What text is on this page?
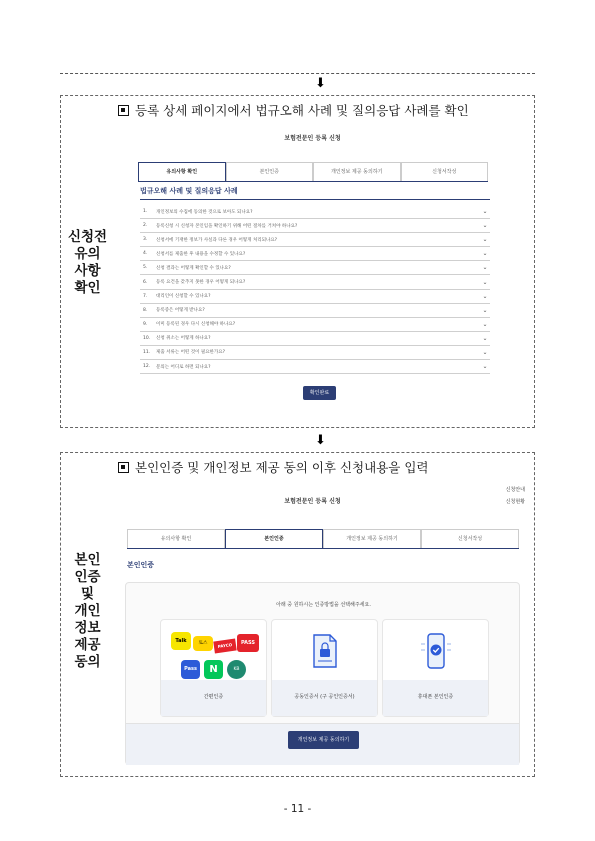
⬇
신청전
유의
사항
확인
등록 상세 페이지에서 법규오해 사례 및 질의응답 사례를 확인
보험전문인 등록 신청
유의사항 확인	본인인증	개인정보 제공 동의하기	신청서작성
법규오해 사례 및 질의응답 사례
1.	개인정보의 수집에 동의한 것으로 보아도 되나요?	⌄
2.	등록신청 시 신청자 본인임을 확인하기 위해 어떤 절차를 거쳐야 하나요?	⌄
3.	신청서에 기재한 정보가 사실과 다른 경우 어떻게 처리되나요?	⌄
4.	신청서를 제출한 후 내용을 수정할 수 있나요?	⌄
5.	신청 결과는 어떻게 확인할 수 있나요?	⌄
6.	등록 요건을 갖추지 못한 경우 어떻게 되나요?	⌄
7.	대리인이 신청할 수 있나요?	⌄
8.	등록증은 어떻게 받나요?	⌄
9.	이미 등록된 경우 다시 신청해야 하나요?	⌄
10.	신청 취소는 어떻게 하나요?	⌄
11.	제출 서류는 어떤 것이 필요한가요?	⌄
12.	문의는 어디로 하면 되나요?	⌄
확인완료
⬇
본인
인증
및
개인
정보
제공
동의
본인인증 및 개인정보 제공 동의 이후 신청내용을 입력
보험전문인 등록 신청
신청안내
신청현황
유의사항 확인	본인인증	개인정보 제공 동의하기	신청서작성
본인인증
아래 중 원하시는 인증방법을 선택해주세요.
Talk	토스	PAYCO	PASS
Pass	N	KB
간편인증	공동인증서 (구 공인인증서)	휴대폰 본인인증
개인정보 제공 동의하기
- 11 -
